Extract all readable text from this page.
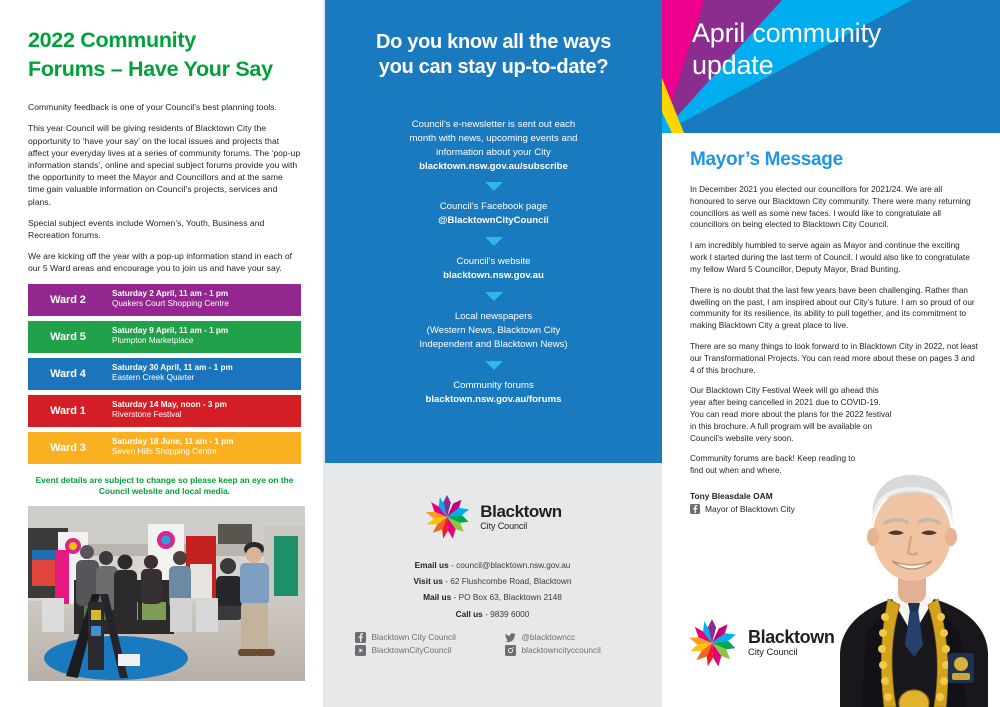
2022 Community
Forums – Have Your Say

Community feedback is one of your Council’s best planning tools.

This year Council will be giving residents of Blacktown City the opportunity to ‘have your say’ on the local issues and projects that affect your everyday lives at a series of community forums. The ‘pop-up information stands’, online and special subject forums provide you with the opportunity to meet the Mayor and Councillors and at the same time gain valuable information on Council’s projects, services and plans.

Special subject events include Women’s, Youth, Business and Recreation forums.

We are kicking off the year with a pop-up information stand in each of our 5 Ward areas and encourage you to join us and have your say.

Ward 2	Saturday 2 April, 11 am - 1 pm
Quakers Court Shopping Centre
Ward 5	Saturday 9 April, 11 am - 1 pm
Plumpton Marketplace
Ward 4	Saturday 30 April, 11 am - 1 pm
Eastern Creek Quarter
Ward 1	Saturday 14 May, noon - 3 pm
Riverstone Festival
Ward 3	Saturday 18 June, 11 am - 1 pm
Seven Hills Shopping Centre
Event details are subject to change so please keep an eye on the Council website and local media.
Do you know all the ways
you can stay up-to-date?
Council’s e-newsletter is sent out each
month with news, upcoming events and
information about your City
blacktown.nsw.gov.au/subscribe
Council’s Facebook page
@BlacktownCityCouncil
Council’s website
blacktown.nsw.gov.au
Local newspapers
(Western News, Blacktown City
Independent and Blacktown News)
Community forums
blacktown.nsw.gov.au/forums
Blacktown
City Council
Email us - council@blacktown.nsw.gov.au
Visit us - 62 Flushcombe Road, Blacktown
Mail us - PO Box 63, Blacktown 2148
Call us - 9839 6000
Blacktown City Council	@blacktowncc
BlacktownCityCouncil	blacktowncityccouncil
April community
update
Mayor’s Message

In December 2021 you elected our councillors for 2021/24. We are all honoured to serve our Blacktown City community. There were many returning councillors as well as some new faces. I would like to congratulate all councillors on being elected to Blacktown City Council.

I am incredibly humbled to serve again as Mayor and continue the exciting work I started during the last term of Council. I would also like to congratulate my fellow Ward 5 Councillor, Deputy Mayor, Brad Bunting.

There is no doubt that the last few years have been challenging. Rather than dwelling on the past, I am inspired about our City’s future. I am so proud of our community for its resilience, its ability to pull together, and its commitment to making Blacktown City a great place to live.

There are so many things to look forward to in Blacktown City in 2022, not least our Transformational Projects. You can read more about these on pages 3 and 4 of this brochure.

Our Blacktown City Festival Week will go ahead this year after being cancelled in 2021 due to COVID-19. You can read more about the plans for the 2022 festival in this brochure. A full program will be available on Council’s website very soon.

Community forums are back! Keep reading to find out when and where.

Tony Bleasdale OAM
Mayor of Blacktown City
Blacktown
City Council
